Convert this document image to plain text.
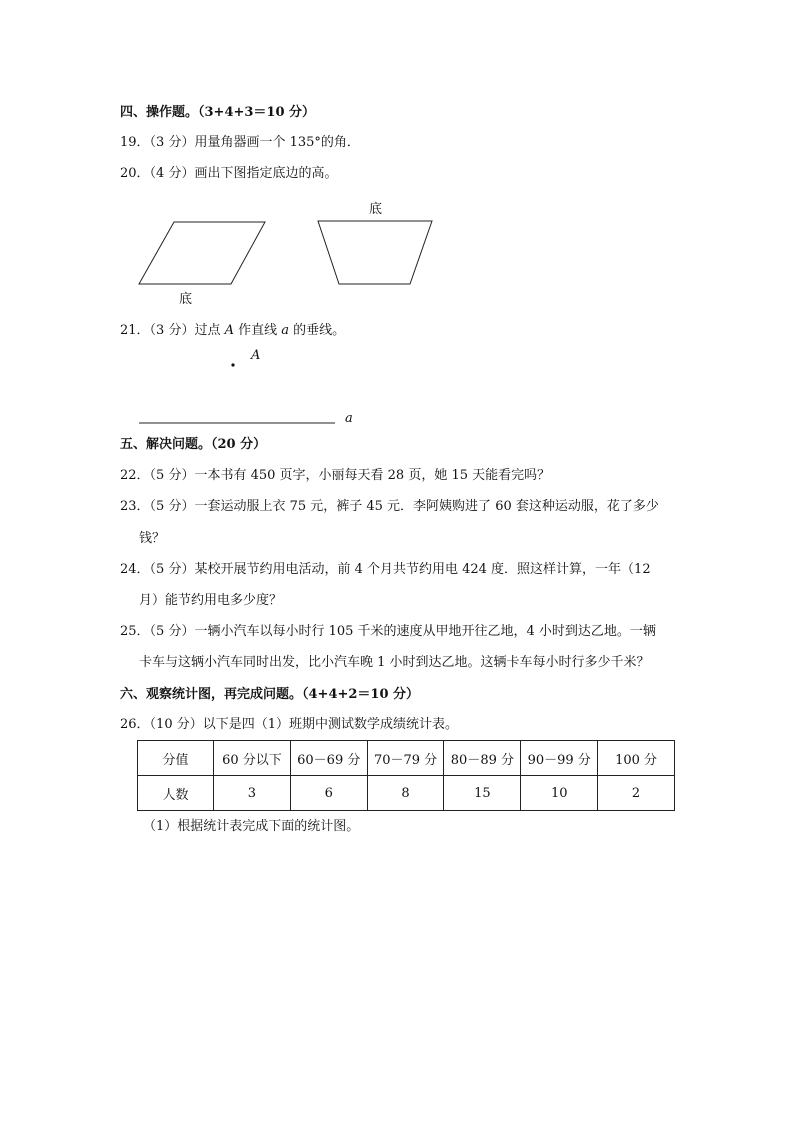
四、操作题。（3+4+3＝10 分）
19．（3 分）用量角器画一个 135°的角．
20．（4 分）画出下图指定底边的高。
底
底
21．（3 分）过点 A 作直线 a 的垂线。
A
a
五、解决问题。（20 分）
22．（5 分）一本书有 450 页字，小丽每天看 28 页，她 15 天能看完吗？
23．（5 分）一套运动服上衣 75 元，裤子 45 元．李阿姨购进了 60 套这种运动服，花了多少
钱？
24．（5 分）某校开展节约用电活动，前 4 个月共节约用电 424 度．照这样计算，一年（12
月）能节约用电多少度？
25．（5 分）一辆小汽车以每小时行 105 千米的速度从甲地开往乙地，4 小时到达乙地。一辆
卡车与这辆小汽车同时出发，比小汽车晚 1 小时到达乙地。这辆卡车每小时行多少千米？
六、观察统计图，再完成问题。（4+4+2＝10 分）
26．（10 分）以下是四（1）班期中测试数学成绩统计表。
分值	60 分以下	60－69 分	70－79 分	80－89 分	90－99 分	100 分
人数	3	6	8	15	10	2
（1）根据统计表完成下面的统计图。
